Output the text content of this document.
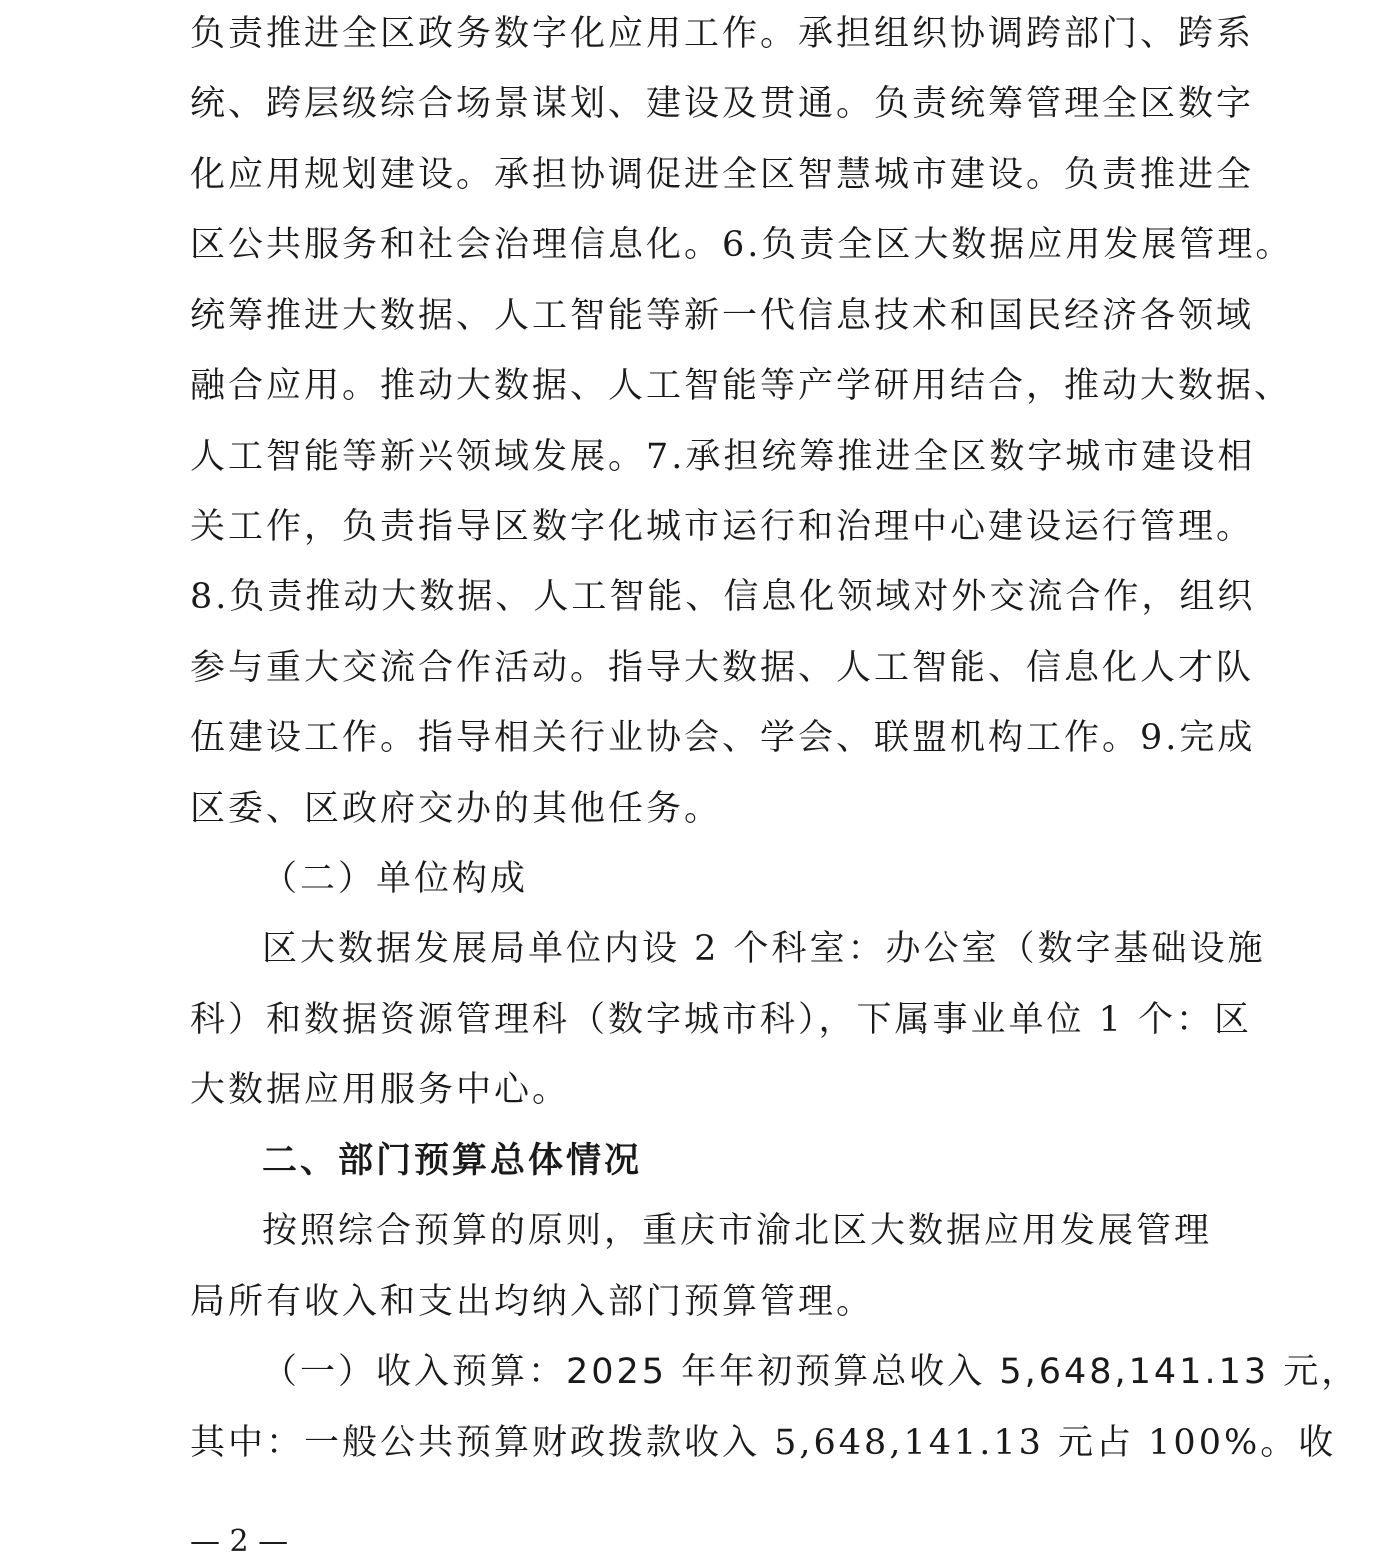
负责推进全区政务数字化应用工作。承担组织协调跨部门、跨系
统、跨层级综合场景谋划、建设及贯通。负责统筹管理全区数字
化应用规划建设。承担协调促进全区智慧城市建设。负责推进全
区公共服务和社会治理信息化。6.负责全区大数据应用发展管理。
统筹推进大数据、人工智能等新一代信息技术和国民经济各领域
融合应用。推动大数据、人工智能等产学研用结合，推动大数据、
人工智能等新兴领域发展。7.承担统筹推进全区数字城市建设相
关工作，负责指导区数字化城市运行和治理中心建设运行管理。
8.负责推动大数据、人工智能、信息化领域对外交流合作，组织
参与重大交流合作活动。指导大数据、人工智能、信息化人才队
伍建设工作。指导相关行业协会、学会、联盟机构工作。9.完成
区委、区政府交办的其他任务。
（二）单位构成
区大数据发展局单位内设 2 个科室：办公室（数字基础设施
科）和数据资源管理科（数字城市科），下属事业单位 1 个：区
大数据应用服务中心。
二、部门预算总体情况
按照综合预算的原则，重庆市渝北区大数据应用发展管理
局所有收入和支出均纳入部门预算管理。
（一）收入预算：2025 年年初预算总收入 5,648,141.13 元，
其中：一般公共预算财政拨款收入 5,648,141.13 元占 100%。收
— 2 —
